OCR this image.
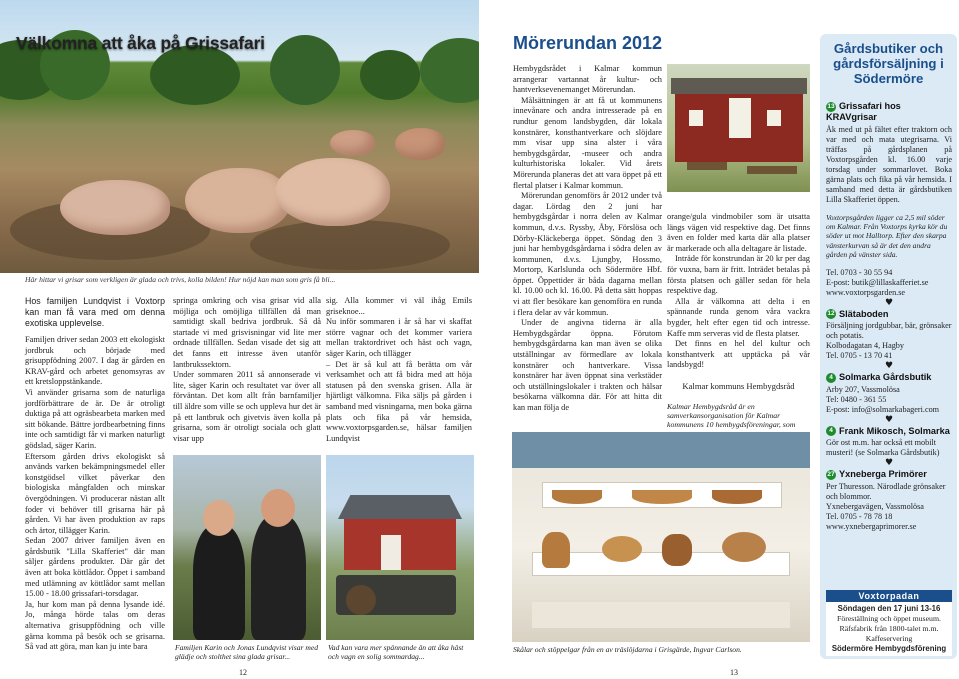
Välkomna att åka på Grissafari
Här hittar vi grisar som verkligen är glada och trivs, kolla bilden! Hur nöjd kan man som gris få bli...

Hos familjen Lundqvist i Voxtorp kan man få vara med om denna exotiska upplevelse.

Familjen driver sedan 2003 ett ekologiskt jordbruk och började med grisuppfödning 2007. I dag är gården en KRAV-gård och arbetet genomsyras av ett kretsloppstänkande.

Vi använder grisarna som de naturliga jordförbättrare de är. De är otroligt duktiga på att ogräsbearbeta marken med sitt bökande. Bättre jordbearbetning finns inte och samtidigt får vi marken naturligt gödslad, säger Karin.

Eftersom gården drivs ekologiskt så används varken bekämpningsmedel eller konstgödsel vilket påverkar den biologiska mångfalden och minskar övergödningen. Vi producerar nästan allt foder vi behöver till grisarna här på gården. Vi har även produktion av raps och ärtor, tillägger Karin.

Sedan 2007 driver familjen även en gårdsbutik "Lilla Skafferiet" där man säljer gårdens produkter. Där går det även att boka köttlådor. Öppet i samband med utlämning av köttlådor samt mellan 15.00 - 18.00 grissafari-torsdagar.

Ja, hur kom man på denna lysande idé. Jo, många hörde talas om deras alternativa grisuppfödning och ville gärna komma på besök och se grisarna. Så vad att göra, man kan ju inte bara

springa omkring och visa grisar vid alla möjliga och omöjliga tillfällen då man samtidigt skall bedriva jordbruk. Så då startade vi med grisvisningar vid lite mer ordnade tillfällen. Sedan visade det sig att det fanns ett intresse även utanför lantbrukssektorn.

Under sommaren 2011 så annonserade vi lite, säger Karin och resultatet var över all förväntan. Det kom allt från barnfamiljer till äldre som ville se och uppleva hur det är på ett lantbruk och givetvis även kolla på grisarna, som är otroligt sociala och glatt visar upp

sig. Alla kommer vi väl ihåg Emils griseknoe...

Nu inför sommaren i år så har vi skaffat större vagnar och det kommer variera mellan traktordrivet och häst och vagn, säger Karin, och tillägger

– Det är så kul att få berätta om vår verksamhet och att få bidra med att höja statusen på den svenska grisen. Alla är hjärtligt välkomna. Fika säljs på gården i samband med visningarna, men boka gärna plats och fika på vår hemsida, www.voxtorpsgarden.se, hälsar familjen Lundqvist

Familjen Karin och Jonas Lundqvist visar med glädje och stolthet sina glada grisar...
Vad kan vara mer spännande än att åka häst och vagn en solig sommardag...
12
Mörerundan 2012

Hembygdsrådet i Kalmar kommun arrangerar vartannat år kultur- och hantverksevenemanget Mörerundan.

Målsättningen är att få ut kommunens innevånare och andra intresserade på en rundtur genom landsbygden, där lokala konstnärer, konsthantverkare och slöjdare mm visar upp sina alster i våra hembygdsgårdar, -museer och andra kulturhistoriska lokaler. Vid årets Mörerunda planeras det att vara öppet på ett flertal platser i Kalmar kommun.

Mörerundan genomförs år 2012 under två dagar. Lördag den 2 juni har hembygdsgårdar i norra delen av Kalmar kommun, d.v.s. Ryssby, Åby, Förslösa och Dörby-Kläckeberga öppet. Söndag den 3 juni har hembygdsgårdarna i södra delen av kommunen, d.v.s. Ljungby, Hossmo, Mortorp, Karlslunda och Södermöre Hbf. öppet. Öppettider är båda dagarna mellan kl. 10.00 och kl. 16.00. På detta sätt hoppas vi att fler besökare kan genomföra en runda i flera delar av vår kommun.

Under de angivna tiderna är alla Hembygdsgårdar öppna. Förutom hembygdsgårdarna kan man även se olika utställningar av förmedlare av lokala konstnärer och hantverkare. Vissa konstnärer har även öppnat sina verkstäder och utställningslokaler i trakten och hälsar besökarna välkomna där. För att hitta dit kan man följa de

orange/gula vindmobiler som är utsatta längs vägen vid respektive dag. Det finns även en folder med karta där alla platser är markerade och alla deltagare är listade.

Inträde för konstrundan är 20 kr per dag för vuxna, barn är fritt. Inträdet betalas på första platsen och gäller sedan för hela respektive dag.

Alla är välkomna att delta i en spännande runda genom våra vackra bygder, helt efter egen tid och intresse. Kaffe mm serveras vid de flesta platser.

Det finns en hel del kultur och konsthantverk att upptäcka på vår landsbygd!

Kalmar kommuns Hembygdsråd

Kalmar Hembygdsråd är en samverkansorganisation för Kalmar kommunens 10 hembygdsföreningar, som

Skålar och stöppelgar från en av träslöjdarna i Grisgärde, Ingvar Carlson.
13
Gårdsbutiker och gårdsförsäljning i Södermöre
13 Grissafari hos KRAVgrisar
Åk med ut på fältet efter traktorn och var med och mata utegrisarna. Vi träffas på gårdsplanen på Voxtorpsgården kl. 16.00 varje torsdag under sommarlovet. Boka gärna plats och fika på vår hemsida. I samband med detta är gårdsbutiken Lilla Skafferiet öppen.
Voxtorpsgården ligger ca 2,5 mil söder om Kalmar. Från Voxtorps kyrka kör du söder ut mot Halltorp. Efter den skarpa vänsterkurvan så är det den andra gården på vänster sida.
Tel. 0703 - 30 55 94
E-post: butik@lillaskafferiet.se
www.voxtorpsgarden.se
♥
12 Slätaboden
Försäljning jordgubbar, bär, grönsaker och potatis.
Kolbodagatan 4, Hagby
Tel. 0705 - 13 70 41
♥
4 Solmarka Gårdsbutik
Arby 207, Vassmolösa
Tel: 0480 - 361 55
E-post: info@solmarkabageri.com
♥
4 Frank Mikosch, Solmarka
Gör ost m.m. har också ett mobilt musteri! (se Solmarka Gårdsbutik)
♥
27 Yxneberga Primörer
Per Thuresson. Närodlade grönsaker och blommor.
Yxnebergavägen, Vassmolösa
Tel. 0705 - 78 78 18
www.yxnebergaprimorer.se
Voxtorpadan
Söndagen den 17 juni 13-16
Föreställning och öppet museum.
Räfsfabrik från 1800-talet m.m.
Kaffeservering
Södermöre Hembygdsförening
